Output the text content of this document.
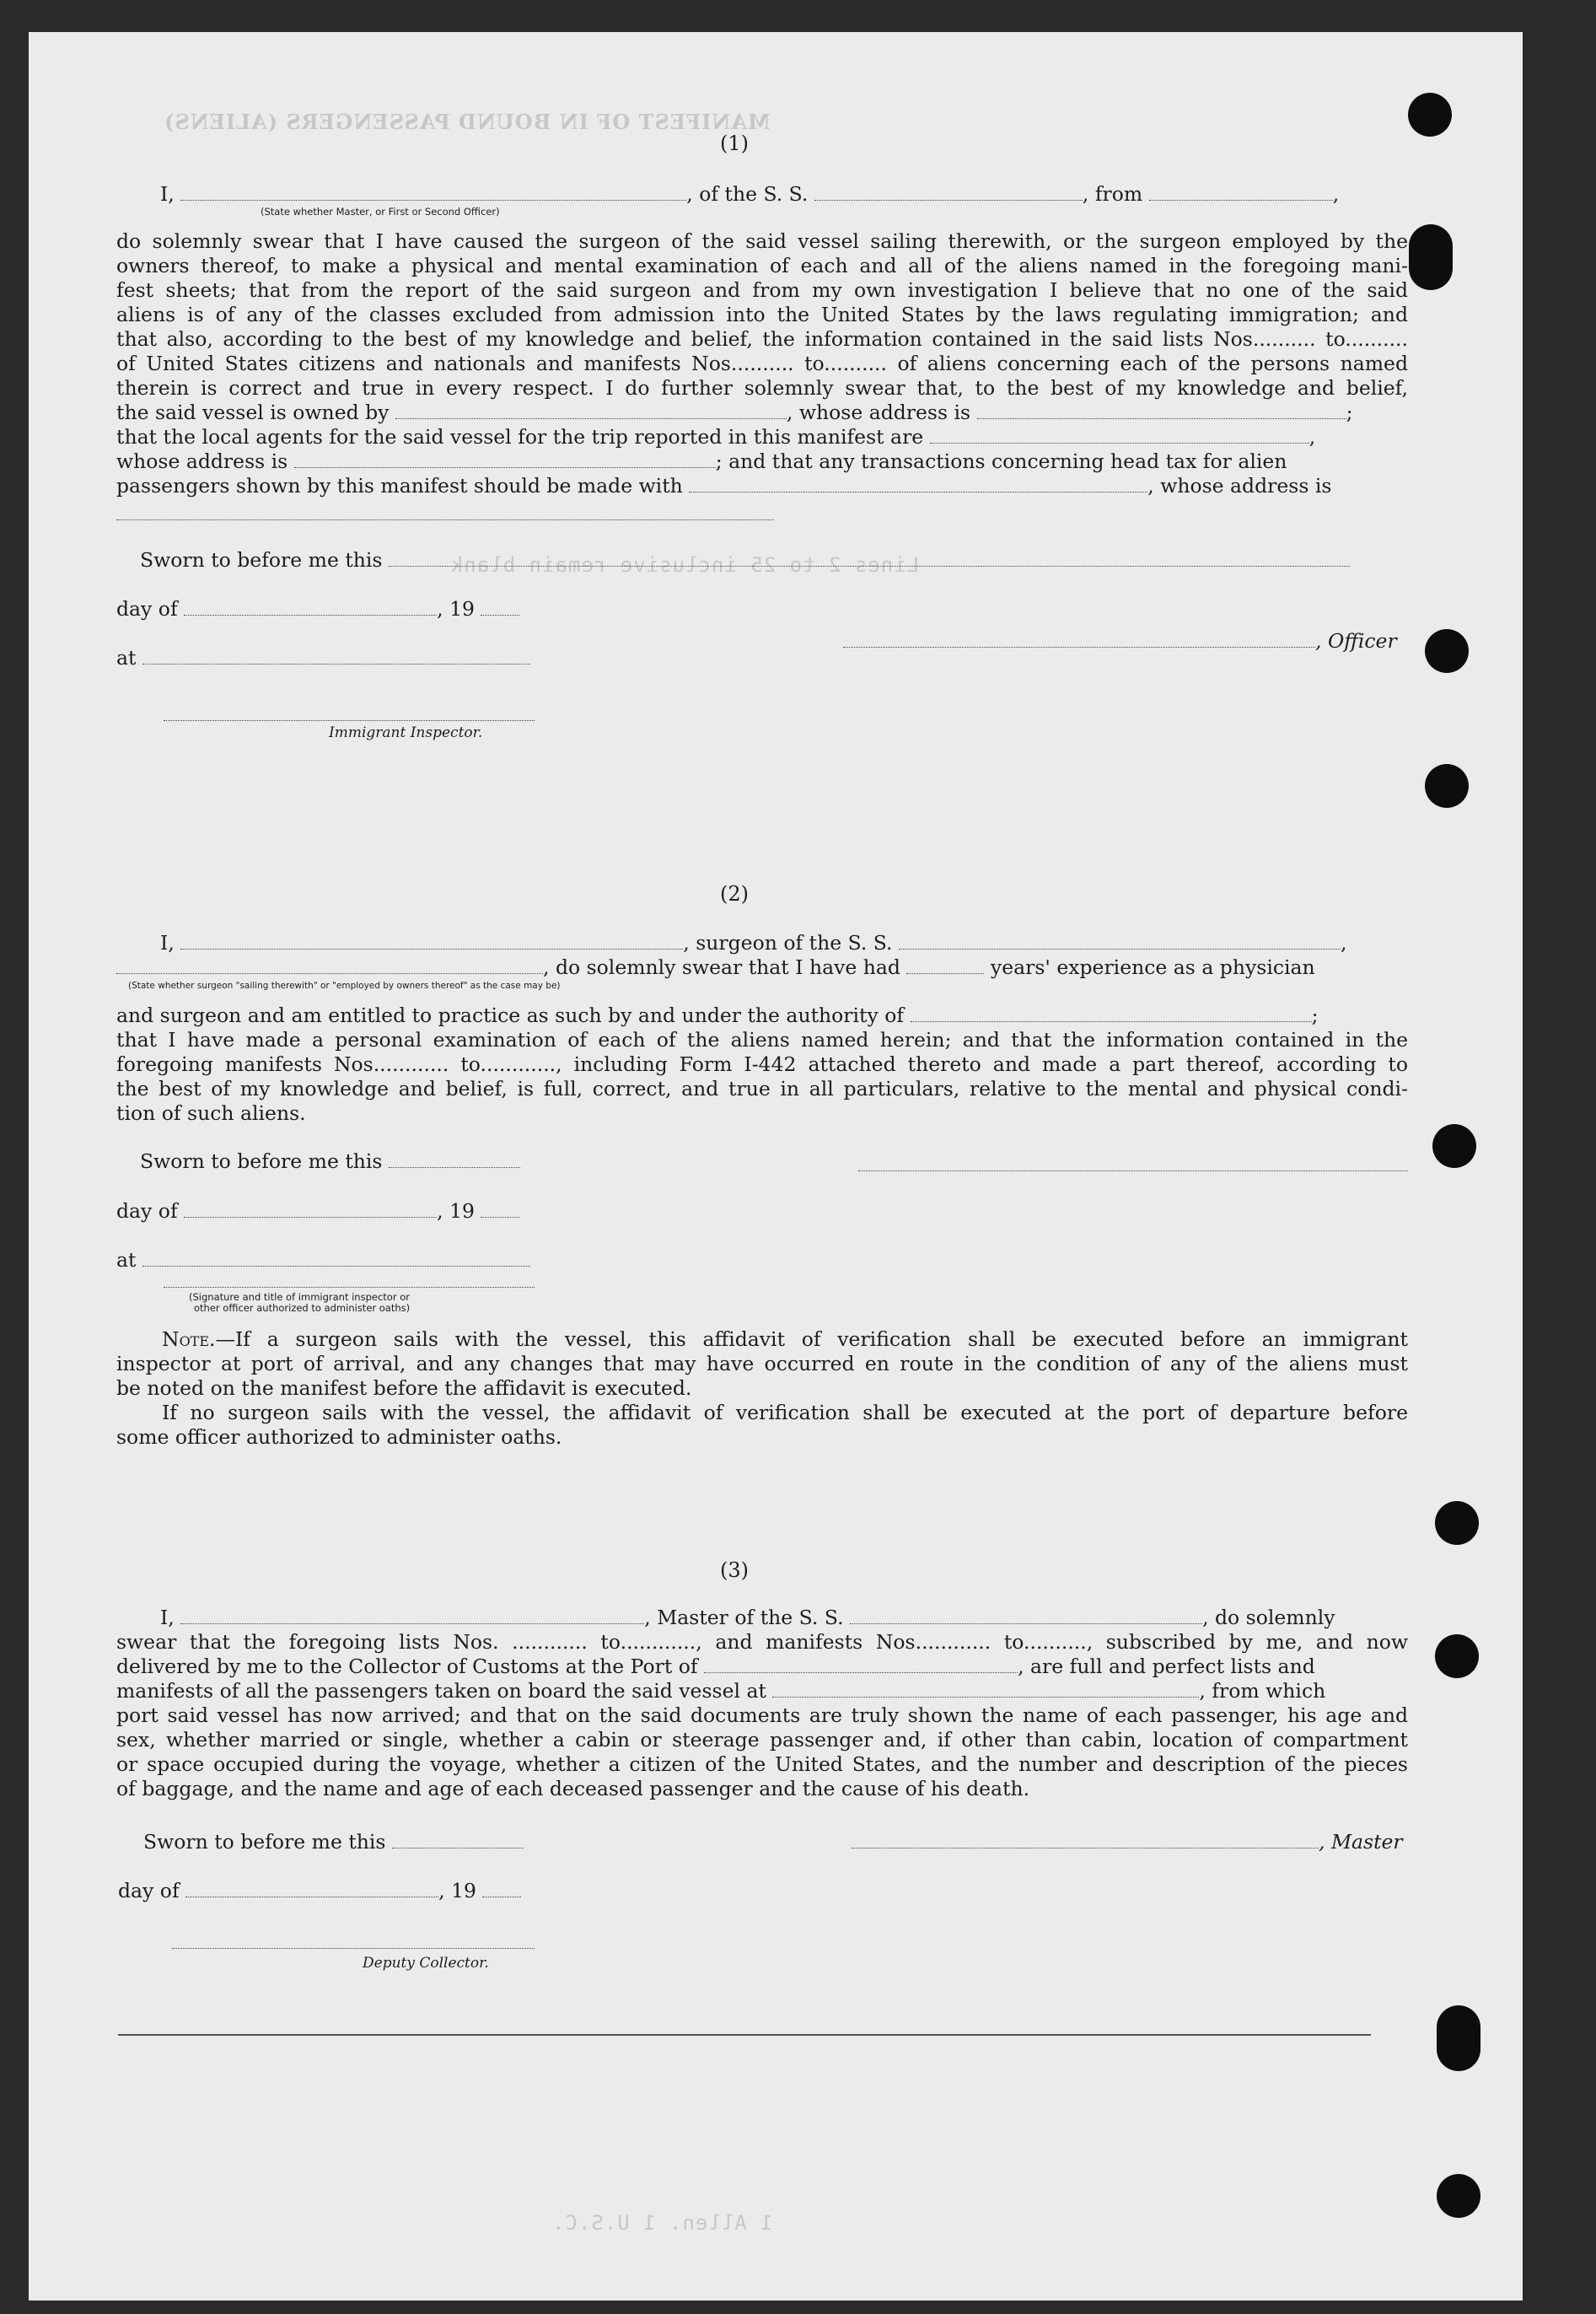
MANIFEST OF IN BOUND PASSENGERS (ALIENS)
Lines 2 to 25 inclusive remain blank
1 Allen. 1 U.S.C.
(1)
I,	, of the S. S.	, from	,
(State whether Master, or First or Second Officer)
do solemnly swear that I have caused the surgeon of the said vessel sailing therewith, or the surgeon employed by the
owners thereof, to make a physical and mental examination of each and all of the aliens named in the foregoing mani-
fest sheets; that from the report of the said surgeon and from my own investigation I believe that no one of the said
aliens is of any of the classes excluded from admission into the United States by the laws regulating immigration; and
that also, according to the best of my knowledge and belief, the information contained in the said lists Nos.......... to..........
of United States citizens and nationals and manifests Nos.......... to.......... of aliens concerning each of the persons named
therein is correct and true in every respect. I do further solemnly swear that, to the best of my knowledge and belief,
the said vessel is owned by	, whose address is	;
that the local agents for the said vessel for the trip reported in this manifest are	,
whose address is	; and that any transactions concerning head tax for alien
passengers shown by this manifest should be made with	, whose address is
Sworn to before me this
day of	, 19
, Officer
at
Immigrant Inspector.
(2)
I,	, surgeon of the S. S.	,
, do solemnly swear that I have had	years' experience as a physician
(State whether surgeon "sailing therewith" or "employed by owners thereof" as the case may be)
and surgeon and am entitled to practice as such by and under the authority of	;
that I have made a personal examination of each of the aliens named herein; and that the information contained in the
foregoing manifests Nos............ to............, including Form I-442 attached thereto and made a part thereof, according to
the best of my knowledge and belief, is full, correct, and true in all particulars, relative to the mental and physical condi-
tion of such aliens.
Sworn to before me this
day of	, 19
at
(Signature and title of immigrant inspector or
other officer authorized to administer oaths)
Note.—If a surgeon sails with the vessel, this affidavit of verification shall be executed before an immigrant
inspector at port of arrival, and any changes that may have occurred en route in the condition of any of the aliens must
be noted on the manifest before the affidavit is executed.
If no surgeon sails with the vessel, the affidavit of verification shall be executed at the port of departure before
some officer authorized to administer oaths.
(3)
I,	, Master of the S. S.	, do solemnly
swear that the foregoing lists Nos. ............ to............, and manifests Nos............ to.........., subscribed by me, and now
delivered by me to the Collector of Customs at the Port of	, are full and perfect lists and
manifests of all the passengers taken on board the said vessel at	, from which
port said vessel has now arrived; and that on the said documents are truly shown the name of each passenger, his age and
sex, whether married or single, whether a cabin or steerage passenger and, if other than cabin, location of compartment
or space occupied during the voyage, whether a citizen of the United States, and the number and description of the pieces
of baggage, and the name and age of each deceased passenger and the cause of his death.
Sworn to before me this	, Master
day of	, 19
Deputy Collector.
